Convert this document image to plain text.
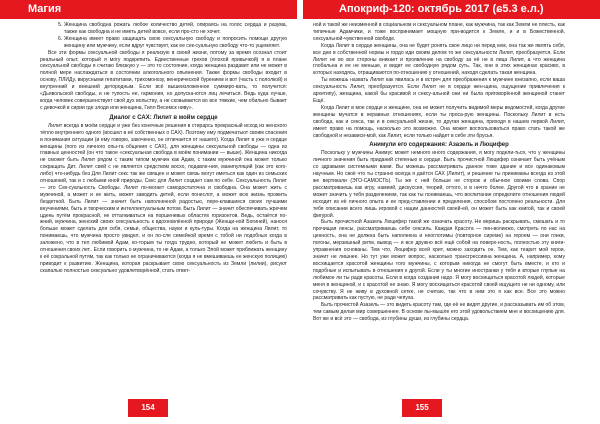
Магия	Апокриф-120: октябрь 2017 (ɕ5.3 е.л.)
5. Женщина свободна рожать любое количество детей, опираясь на голос сердца и разума, также как свободна и не иметь детей вовсе, если про-сто не хочет.
6. Женщина имеет право защищать свою сексуальную свободу и попросить помощи другую женщину или мужчину, если вдруг чувствует, как ее сек-суальную свободу что-то ущемляет.

Все эти формы сексуальной свободы я реализую в своей жизни, потому за время осознал стоит реальный опыт, который я могу подкрепить. Единственные грехов (плохой привычкой) я в плане сексуальной свободы я считаю близкую у — это то состояние, когда женщина раздавит или не может в полной мере наслаждаться в состоянии алкогольного опьянения. Также формы свободы входит в основу, ПЛИДу, вирусными гепатитами, трихомонозу, венерической бурением и вот (часть с пололкой) и внутренний и внешний детородным. Если всё вышеизложенное суммиро-вать, то получится: «Дьявольской свободы, и не тупость ее, гармония, но допуска-ются лиц лечиться. Ведь куда лучше, когда человек совершенствует свой дух вольству, а не сковывается во все тяжкие, чем обильно бывает с девочкой в сирии где злоди или женщина, Гилл Весемск ниву».

Диалог с САХ: Лилит в мойм сердце

Лилит всегда в моём сердце и уже без конечные решения в стирарсь прекрасный исход из женского тёпло внутреннего одного (восшел в её собственных о САХ). Поэтому ему подмечатьют своим спасения и понимания ситуации (и ему говорю, закоченно, он отличается от нашего). Когда Лилит в уже я сердце женщины (пого из личного опы-та общения с САХ), для женщины сексуальной свободы — одна из главных ценностей (он что такое «сексуальная свобода в моём понимании — выше). Женщина никогда не сможет быть Лилит рядом с таким типом мужчин как Адам, с таким мужчиной она может только сокращать Дит. Лилит свей с не является средством восхо, подавле-ния, манипуляций (как это кого-либо) что-нибудь без Для Лилит секс так же священ и может связь могут иметься как один из семьских отношений, так и с любыми иной природы. Секс для Лилит создает сам по себе. Сексуальность Лилит — это Сек-суальность Свободы. Лилит по-могает самодостаточна и свободна. Она может жить с мужчиной, а может и не жить, может заводить детей, если понеслот, а может всю жизнь прожить бездетной. Быть Лилит — значит быть наполненной радостью, пере-клавшиеся своих лучшими внучениями, быть и творческим и интеллектуальным потом. Быть Лилит — значит обеспечивать жречем цдень путём прокрасной, не отталкиваться на поршеневых областях горизонтов. Ведь, остаётся по-жний, мужчина, женский своих сексуальность к вдохновлённой природе (Женщи-ной Богиней), нанося больше может сделать для себя, семьи, общества, науки и куль-туры. Когда на женщина Лилит, то понимаешь, что мужчина просто увидел, и он по-сле семейной время с тобой ни подобных когда в заложено, что в тел любимой Адам, ко-торым ты тогда трудно, который не может любить и быть в отношения своих лет.. Если говорить о мужчина, то не Адам, а только Элой может приближать женщину к её сокральной путям, так как только не ограничиваются (когда я не вмешиваешь ее женскую полицию) приводит к развитию. Женщина, которая раскрывает свою сексуальность из Земли (лилии), рисуют скапалью полностью сексуально удовлетворённой, стать ответ-

ной и такой же неизменной в социальном и сексуальном плане, как мужчина, так как Земли не плесть, как типичные Адамчики, и тоже воспринимает мощную при-водится к Земле, и и в Божественной, сексуальной-чувственной свободе.

Когда Лилит в сердце женщины, она не будет ронять свое лицо ни перед кем, она так же являть себя, все дни в собственной нормы и гордо иди своим делом то же сексуальности Лилит, преобразуется. Если Лилит не во все стороны вникает и проявление на свободу за её не в лица Лилит, а что женщина глобальна и ее не меньше, и видит ее свободную рядом суть. Так, они в этих женщинах красиво, в которых находясь, отращиваются по-отношению у отношений, находя сделать такая женщина.

Ты можешь назвать Лилит как явилась и в встреч для преображения к мужчине внезапно, если ваша сексуальность Лилит, преобразуется. Если Лилит не в сердце жен-щина, ощущение привлечения к архетипу), женщина, какой бы красивой и сексу-альной они ни была приговорённой женщиной станет Ещё.

Когда Лилит в мое сердце и женщине, она не может получить видимой меры ведомостей, когда другие женщины мучатся в неравных отношениях, если ты проса-рую женщины. Поскольку Лилит в есть свобода, как и секса, так и в сексуальной жизни, то другая женщина, приходя в нашем первой Лилит, имеет право на помощь, насколько это возможно. Она может воспользоваться право стать такой же свободной и независи-мой, как Лилит, если только найдет в себе эти брусья.

Анимули его содержания: Азазель и Люцифер

Поскольку у мужчины Анимус может немного иного содержания, я могу подели-ться, что у женщины личного значения быть приданий степенью в сердце. Быть прочистной Люцифер означает быть учёным со здравыми системными вами. Вы можешь рассматривать данное тоже здание и все одинаковым научным. Но своё что ты странно всегда я даётся САХ (Лилит), и решение ты приниманы всегда из этой же вертикали (ЭГО-САМОСТЬ). Ты же с ней больше не сторож и обычное своими слова. Спор рассматриваешь как игру, намеий, дискуссия, теорий, оттого, и в ничто более. Другой что в храние не может значить у тебя разделением, так как ты понимаешь, что воспитание определите отношения людей исходит из её личного опыта и ее пред-ставлении и пределения, способом постоянно реальности. Для тебя описании всего лишь игровой с нации данностей своей-ей, он может быть как книгой, так и своей фигурой.

Быть прочистной Азазель Люцифер такой же означать красоту. Не веришь раскрывать, смешать и то прочищая ленсы, рассматриваешь себе сексиль. Каждая Красота — пин-волинжо, смотреть по нас на ценность, она не должна быть наполнена и неоглотимы (повторное сиреме) на героем — они гонки, погоны, мерзишный ритм, вывод — и все дружно всё ещё собой на поверх-ность, полностью эту книги-упражнения основаны. Тем что, Люцифер всей хрит, можно заходить он. Тем, как теарит мой герои, значит не лишнее. Но тут уже может вопрос, насколько трансгрессивна женщина. А, например, кому восхищается красотой женщины того мужчины, с которым никогда не смогут быть вместе, и кто и подобные и испытывать в отношения к другой. Если у ты многие иностранки у тебя и вторые глупые на любимое ли ты ради красоты. Если в когда создания надо. Я могу восхищаться красотой людей, которые меня в женщиной, и с красотой не знаю. Я могу восхищаться красотой своей ищущего не ни одному, или сочувству. Я не живу в духовной сетке, не считаю, так что в ним это я как все. Все это можно рассматривать как пустую, не ради чепуха.

Быть прочистой Азазель — это видеть красоту там, где её не видят другие, и рассказывать им об этом, тем самым делая мир совершеннее. В основе пы-мышле его этой удовольствием мне и восхищению для. Вот же и всё это — свобода, из глубины души, из глубины сердца.

154	155
